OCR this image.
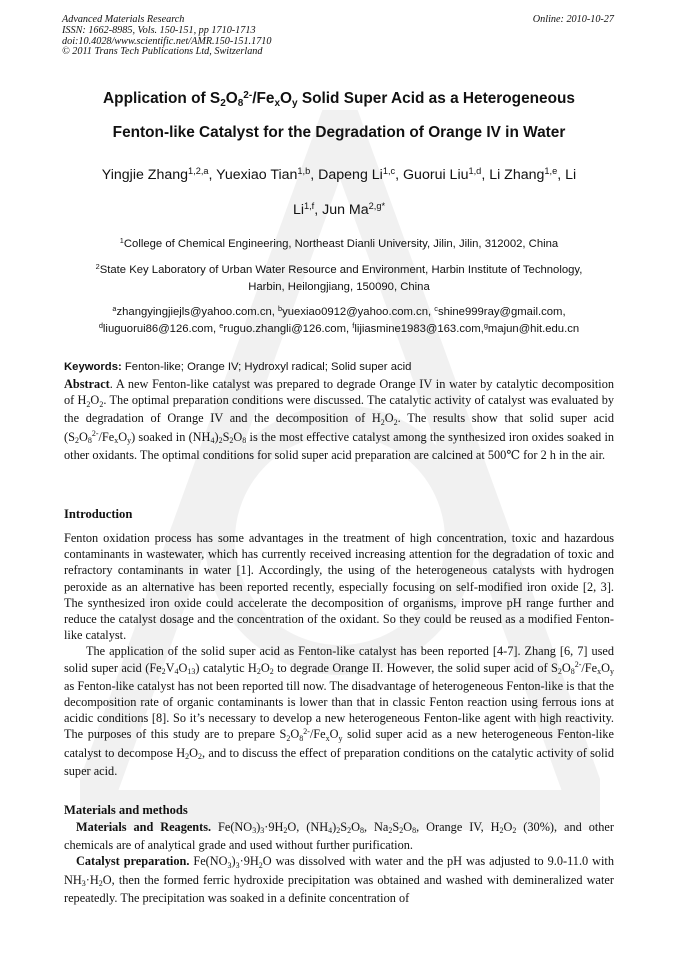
Advanced Materials Research
ISSN: 1662-8985, Vols. 150-151, pp 1710-1713
doi:10.4028/www.scientific.net/AMR.150-151.1710
© 2011 Trans Tech Publications Ltd, Switzerland
Online: 2010-10-27
Application of $S_2O_8^{2-}/Fe_xO_y$ Solid Super Acid as a Heterogeneous
Fenton-like Catalyst for the Degradation of Orange IV in Water
Yingjie Zhang$^{1,2,a}$, Yuexiao Tian$^{1,b}$, Dapeng Li$^{1,c}$, Guorui Liu$^{1,d}$, Li Zhang$^{1,e}$, Li
Li$^{1,f}$, Jun $Ma^{2,g*}$
$^1$College of Chemical Engineering, Northeast Dianli University, Jilin, Jilin, 312002, China
$^2$State Key Laboratory of Urban Water Resource and Environment, Harbin Institute of Technology,
Harbin, Heilongjiang, 150090, China
$^a$zhangyingjiejls@yahoo.com.cn, $^b$yuexiao0912@yahoo.com.cn, $^c$shine999ray@gmail.com,
$^d$liuguorui86@126.com, $^e$ruguo.zhangli@126.com, $^f$lijiasmine1983@163.com,$^g$majun@hit.edu.cn
Keywords: Fenton-like; Orange IV; Hydroxyl radical; Solid super acid

Abstract. A new Fenton-like catalyst was prepared to degrade Orange IV in water by catalytic decomposition of $H_2O_2$. The optimal preparation conditions were discussed. The catalytic activity of catalyst was evaluated by the degradation of Orange IV and the decomposition of $H_2O_2$. The results show that solid super acid $(S_2O_8^{2-}/Fe_xO_y)$ soaked in $(NH_4)_2S_2O_8$ is the most effective catalyst among the synthesized iron oxides soaked in other oxidants. The optimal conditions for solid super acid preparation are calcined at 500℃ for 2 h in the air.

Introduction

Fenton oxidation process has some advantages in the treatment of high concentration, toxic and hazardous contaminants in wastewater, which has currently received increasing attention for the degradation of toxic and refractory contaminants in water [1]. Accordingly, the using of the heterogeneous catalysts with hydrogen peroxide as an alternative has been reported recently, especially focusing on self-modified iron oxide [2, 3]. The synthesized iron oxide could accelerate the decomposition of organisms, improve pH range further and reduce the catalyst dosage and the concentration of the oxidant. So they could be reused as a modified Fenton-like catalyst.

The application of the solid super acid as Fenton-like catalyst has been reported [4-7]. Zhang [6, 7] used solid super acid $(Fe_2V_4O_{13})$ catalytic $H_2O_2$ to degrade Orange II. However, the solid super acid of $S_2O_8^{2-}/Fe_xO_y$ as Fenton-like catalyst has not been reported till now. The disadvantage of heterogeneous Fenton-like is that the decomposition rate of organic contaminants is lower than that in classic Fenton reaction using ferrous ions at acidic conditions [8]. So it’s necessary to develop a new heterogeneous Fenton-like agent with high reactivity. The purposes of this study are to prepare $S_2O_8^{2-}/Fe_xO_y$ solid super acid as a new heterogeneous Fenton-like catalyst to decompose $H_2O_2$, and to discuss the effect of preparation conditions on the catalytic activity of solid super acid.

Materials and methods

Materials and Reagents. $Fe(NO_3)_3\cdot 9H_2O$, $(NH_4)_2S_2O_8$, $Na_2S_2O_8$, Orange IV, $H_2O_2$ (30%), and other chemicals are of analytical grade and used without further purification.

Catalyst preparation. $Fe(NO_3)_3\cdot 9H_2O$ was dissolved with water and the pH was adjusted to 9.0-11.0 with $NH_3\cdot H_2O$, then the formed ferric hydroxide precipitation was obtained and washed with demineralized water repeatedly. The precipitation was soaked in a definite concentration of
